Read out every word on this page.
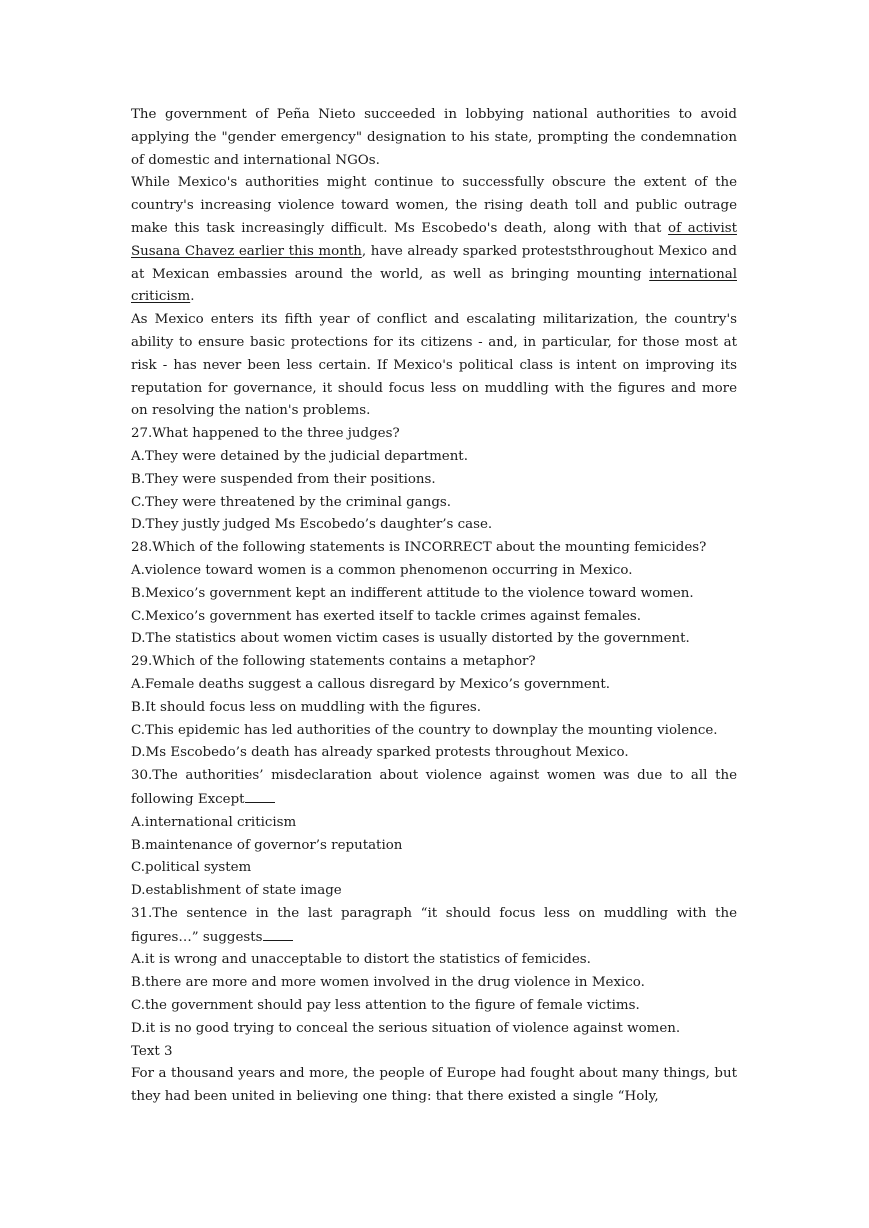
The government of Peña Nieto succeeded in lobbying national authorities to avoid applying the "gender emergency" designation to his state, prompting the condemnation of domestic and international NGOs.

While Mexico's authorities might continue to successfully obscure the extent of the country's increasing violence toward women, the rising death toll and public outrage make this task increasingly difficult. Ms Escobedo's death, along with that of activist Susana Chavez earlier this month, have already sparked proteststhroughout Mexico and at Mexican embassies around the world, as well as bringing mounting international criticism.

As Mexico enters its fifth year of conflict and escalating militarization, the country's ability to ensure basic protections for its citizens - and, in particular, for those most at risk - has never been less certain. If Mexico's political class is intent on improving its reputation for governance, it should focus less on muddling with the figures and more on resolving the nation's problems.

27.What happened to the three judges?

A.They were detained by the judicial department.

B.They were suspended from their positions.

C.They were threatened by the criminal gangs.

D.They justly judged Ms Escobedo’s daughter’s case.

28.Which of the following statements is INCORRECT about the mounting femicides?

A.violence toward women is a common phenomenon occurring in Mexico.

B.Mexico’s government kept an indifferent attitude to the violence toward women.

C.Mexico’s government has exerted itself to tackle crimes against females.

D.The statistics about women victim cases is usually distorted by the government.

29.Which of the following statements contains a metaphor?

A.Female deaths suggest a callous disregard by Mexico’s government.

B.It should focus less on muddling with the figures.

C.This epidemic has led authorities of the country to downplay the mounting violence.

D.Ms Escobedo’s death has already sparked protests throughout Mexico.

30.The authorities’ misdeclaration about violence against women was due to all the following Except

A.international criticism

B.maintenance of governor’s reputation

C.political system

D.establishment of state image

31.The sentence in the last paragraph “it should focus less on muddling with the figures…” suggests

A.it is wrong and unacceptable to distort the statistics of femicides.

B.there are more and more women involved in the drug violence in Mexico.

C.the government should pay less attention to the figure of female victims.

D.it is no good trying to conceal the serious situation of violence against women.

Text 3

For a thousand years and more, the people of Europe had fought about many things, but they had been united in believing one thing: that there existed a single “Holy,
